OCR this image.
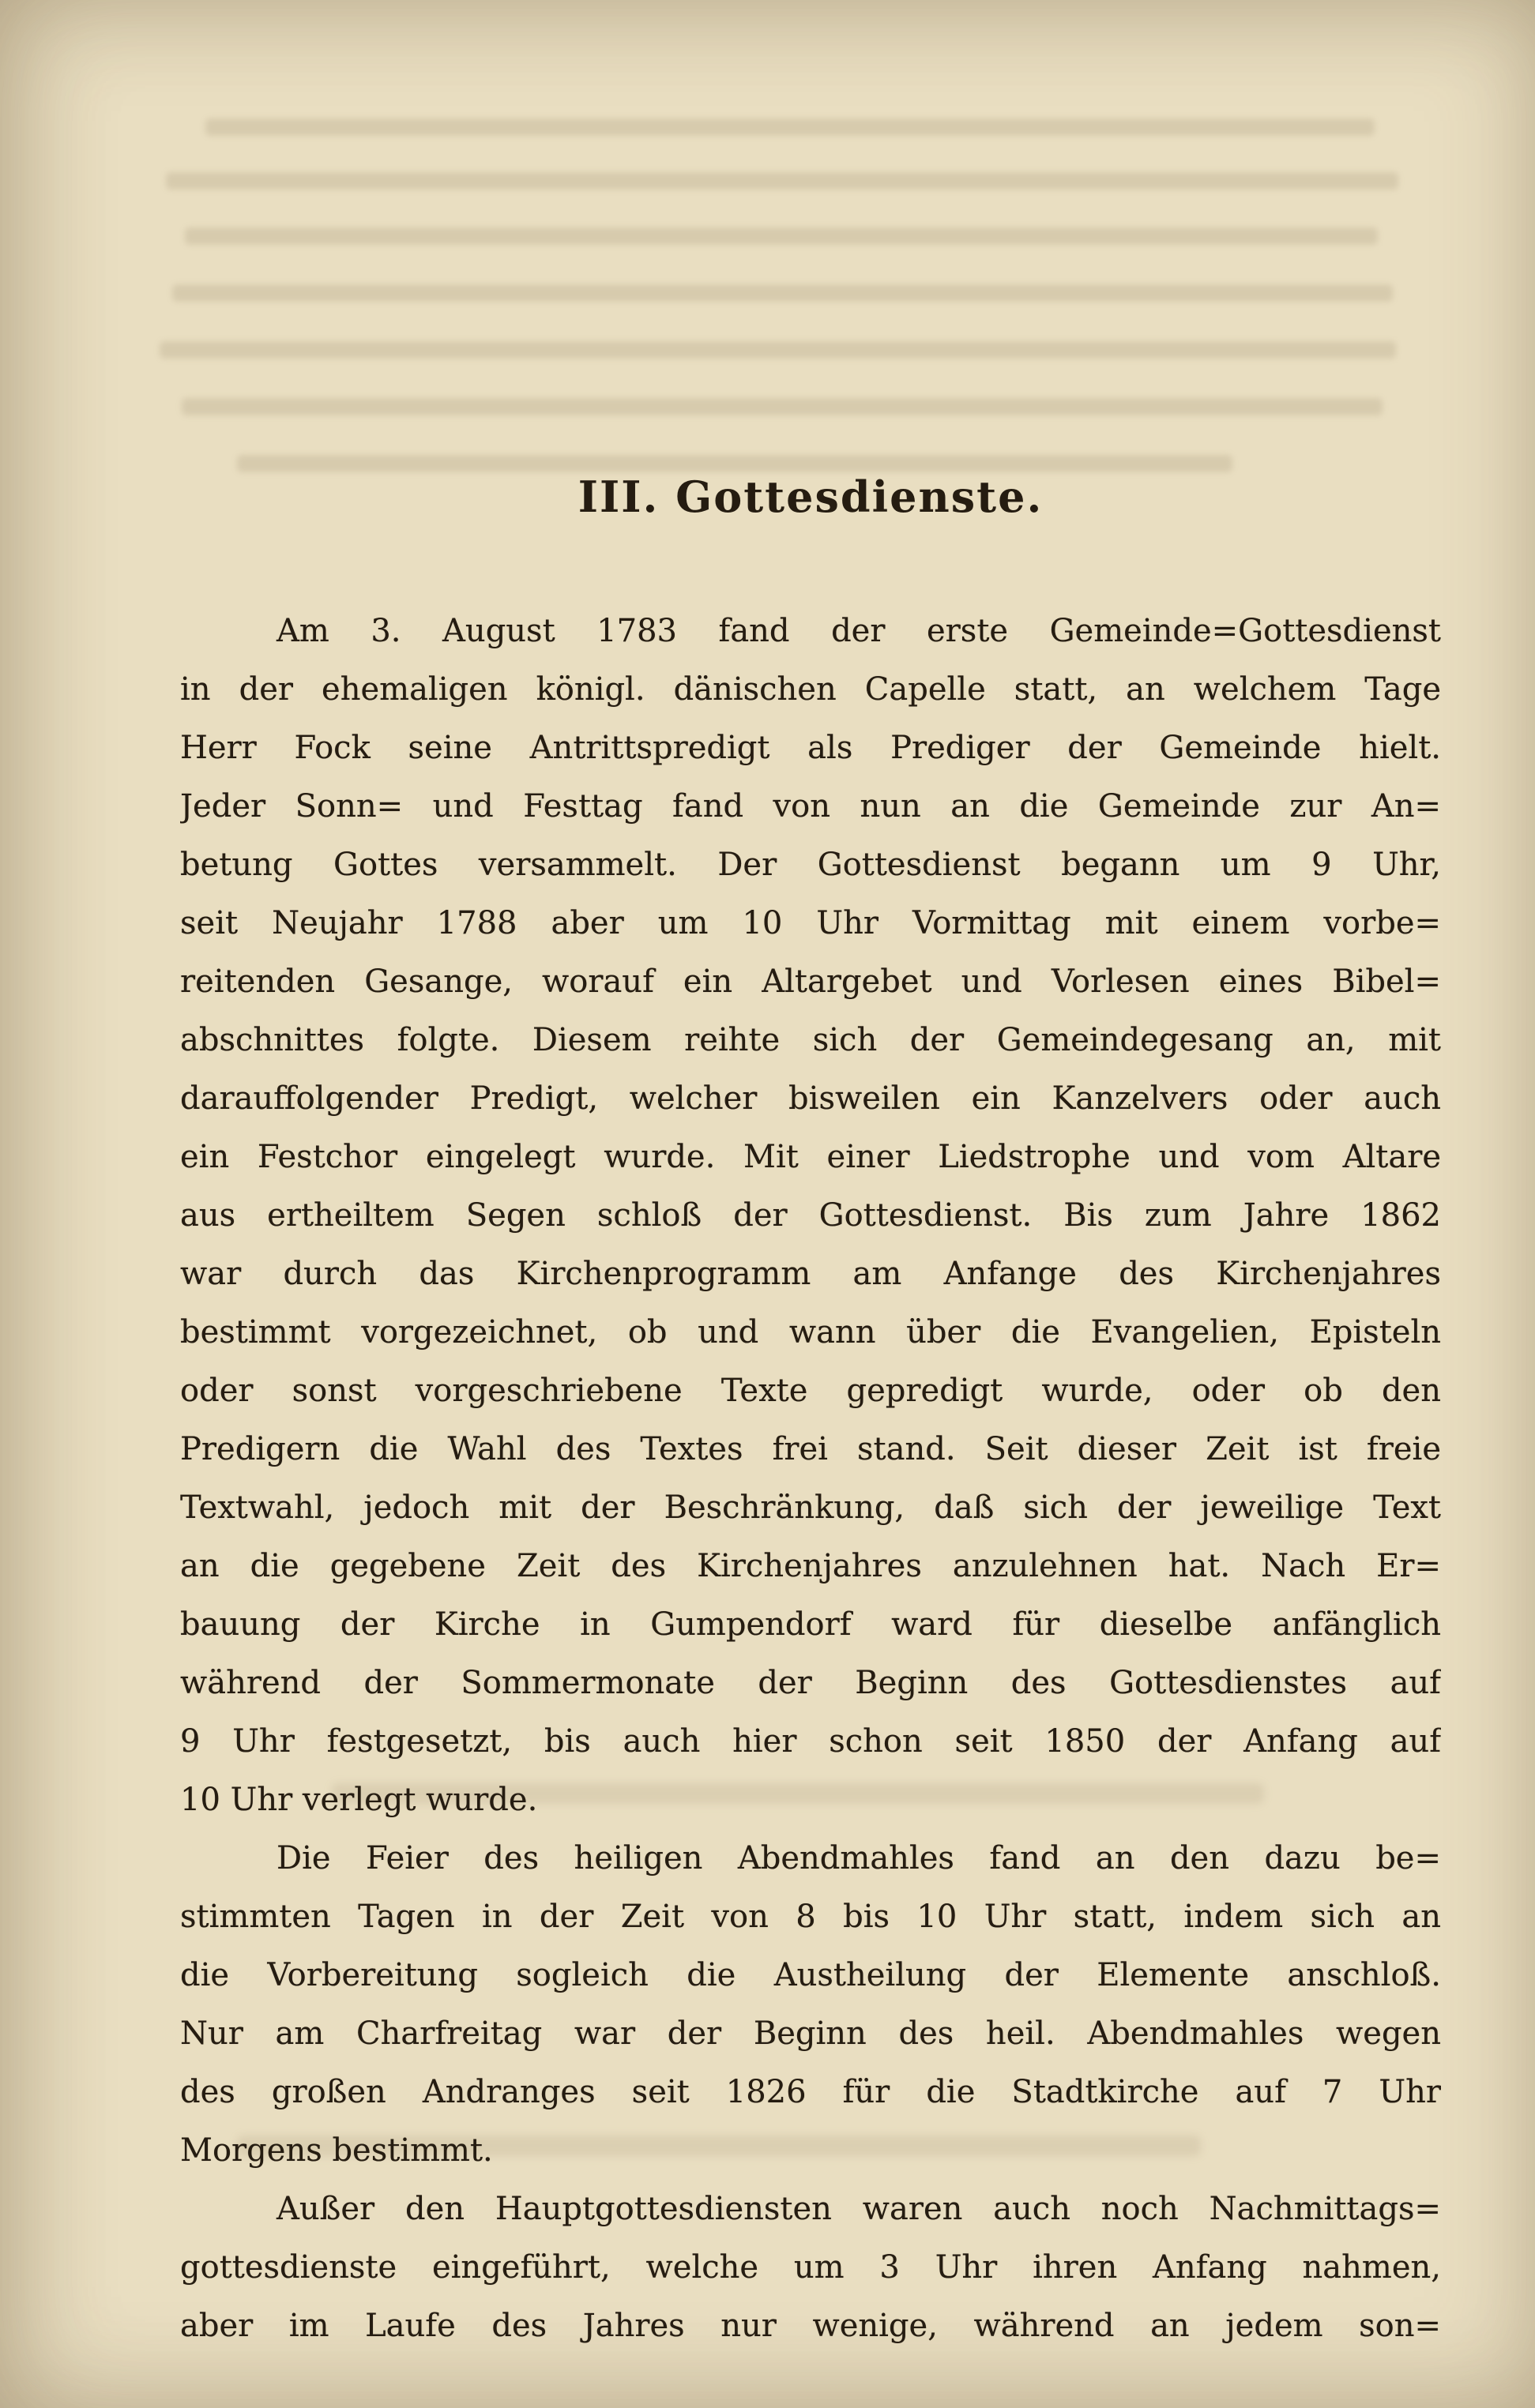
III. Gottesdienste.
Am 3. August 1783 fand der erste Gemeinde=Gottesdienst
in der ehemaligen königl. dänischen Capelle statt, an welchem Tage
Herr Fock seine Antrittspredigt als Prediger der Gemeinde hielt.
Jeder Sonn= und Festtag fand von nun an die Gemeinde zur An=
betung Gottes versammelt. Der Gottesdienst begann um 9 Uhr,
seit Neujahr 1788 aber um 10 Uhr Vormittag mit einem vorbe=
reitenden Gesange, worauf ein Altargebet und Vorlesen eines Bibel=
abschnittes folgte. Diesem reihte sich der Gemeindegesang an, mit
darauffolgender Predigt, welcher bisweilen ein Kanzelvers oder auch
ein Festchor eingelegt wurde. Mit einer Liedstrophe und vom Altare
aus ertheiltem Segen schloß der Gottesdienst. Bis zum Jahre 1862
war durch das Kirchenprogramm am Anfange des Kirchenjahres
bestimmt vorgezeichnet, ob und wann über die Evangelien, Episteln
oder sonst vorgeschriebene Texte gepredigt wurde, oder ob den
Predigern die Wahl des Textes frei stand. Seit dieser Zeit ist freie
Textwahl, jedoch mit der Beschränkung, daß sich der jeweilige Text
an die gegebene Zeit des Kirchenjahres anzulehnen hat. Nach Er=
bauung der Kirche in Gumpendorf ward für dieselbe anfänglich
während der Sommermonate der Beginn des Gottesdienstes auf
9 Uhr festgesetzt, bis auch hier schon seit 1850 der Anfang auf
10 Uhr verlegt wurde.
Die Feier des heiligen Abendmahles fand an den dazu be=
stimmten Tagen in der Zeit von 8 bis 10 Uhr statt, indem sich an
die Vorbereitung sogleich die Austheilung der Elemente anschloß.
Nur am Charfreitag war der Beginn des heil. Abendmahles wegen
des großen Andranges seit 1826 für die Stadtkirche auf 7 Uhr
Morgens bestimmt.
Außer den Hauptgottesdiensten waren auch noch Nachmittags=
gottesdienste eingeführt, welche um 3 Uhr ihren Anfang nahmen,
aber im Laufe des Jahres nur wenige, während an jedem son=
